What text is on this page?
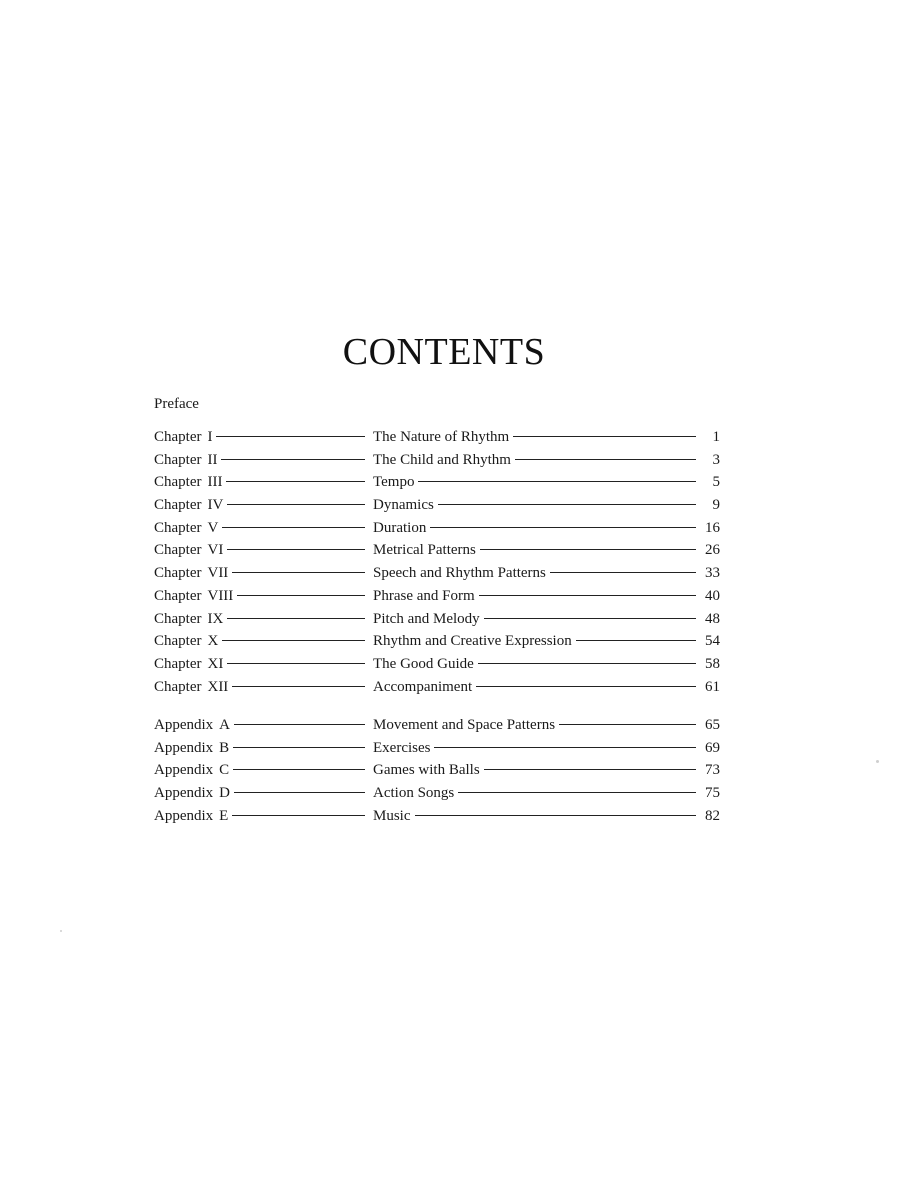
CONTENTS
Preface
Chapter I	The Nature of Rhythm	1
Chapter II	The Child and Rhythm	3
Chapter III	Tempo	5
Chapter IV	Dynamics	9
Chapter V	Duration	16
Chapter VI	Metrical Patterns	26
Chapter VII	Speech and Rhythm Patterns	33
Chapter VIII	Phrase and Form	40
Chapter IX	Pitch and Melody	48
Chapter X	Rhythm and Creative Expression	54
Chapter XI	The Good Guide	58
Chapter XII	Accompaniment	61
Appendix A	Movement and Space Patterns	65
Appendix B	Exercises	69
Appendix C	Games with Balls	73
Appendix D	Action Songs	75
Appendix E	Music	82
